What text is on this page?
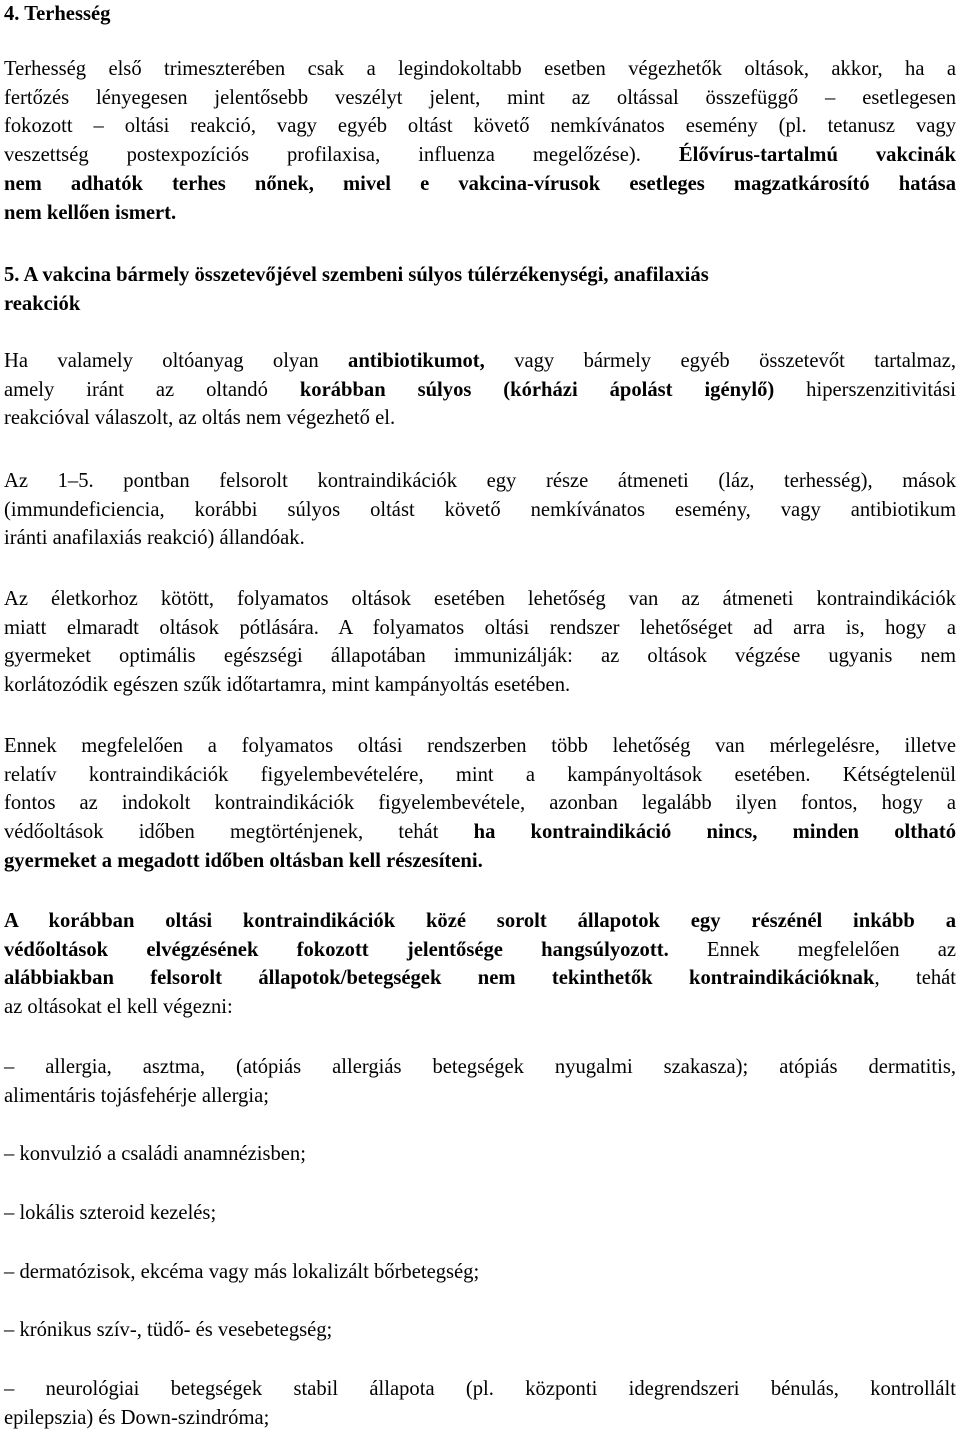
4. Terhesség
Terhesség első trimeszterében csak a legindokoltabb esetben végezhetők oltások, akkor, ha a
fertőzés lényegesen jelentősebb veszélyt jelent, mint az oltással összefüggő – esetlegesen
fokozott – oltási reakció, vagy egyéb oltást követő nemkívánatos esemény (pl. tetanusz vagy
veszettség postexpozíciós profilaxisa, influenza megelőzése). Élővírus-tartalmú vakcinák
nem adhatók terhes nőnek, mivel e vakcina-vírusok esetleges magzatkárosító hatása
nem kellően ismert.
5. A vakcina bármely összetevőjével szembeni súlyos túlérzékenységi, anafilaxiás
reakciók
Ha valamely oltóanyag olyan antibiotikumot, vagy bármely egyéb összetevőt tartalmaz,
amely iránt az oltandó korábban súlyos (kórházi ápolást igénylő) hiperszenzitivitási
reakcióval válaszolt, az oltás nem végezhető el.
Az 1–5. pontban felsorolt kontraindikációk egy része átmeneti (láz, terhesség), mások
(immundeficiencia, korábbi súlyos oltást követő nemkívánatos esemény, vagy antibiotikum
iránti anafilaxiás reakció) állandóak.
Az életkorhoz kötött, folyamatos oltások esetében lehetőség van az átmeneti kontraindikációk
miatt elmaradt oltások pótlására. A folyamatos oltási rendszer lehetőséget ad arra is, hogy a
gyermeket optimális egészségi állapotában immunizálják: az oltások végzése ugyanis nem
korlátozódik egészen szűk időtartamra, mint kampányoltás esetében.
Ennek megfelelően a folyamatos oltási rendszerben több lehetőség van mérlegelésre, illetve
relatív kontraindikációk figyelembevételére, mint a kampányoltások esetében. Kétségtelenül
fontos az indokolt kontraindikációk figyelembevétele, azonban legalább ilyen fontos, hogy a
védőoltások időben megtörténjenek, tehát ha kontraindikáció nincs, minden oltható
gyermeket a megadott időben oltásban kell részesíteni.
A korábban oltási kontraindikációk közé sorolt állapotok egy részénél inkább a
védőoltások elvégzésének fokozott jelentősége hangsúlyozott. Ennek megfelelően az
alábbiakban felsorolt állapotok/betegségek nem tekinthetők kontraindikációknak, tehát
az oltásokat el kell végezni:
– allergia, asztma, (atópiás allergiás betegségek nyugalmi szakasza); atópiás dermatitis,
alimentáris tojásfehérje allergia;
– konvulzió a családi anamnézisben;
– lokális szteroid kezelés;
– dermatózisok, ekcéma vagy más lokalizált bőrbetegség;
– krónikus szív-, tüdő- és vesebetegség;
– neurológiai betegségek stabil állapota (pl. központi idegrendszeri bénulás, kontrollált
epilepszia) és Down-szindróma;
